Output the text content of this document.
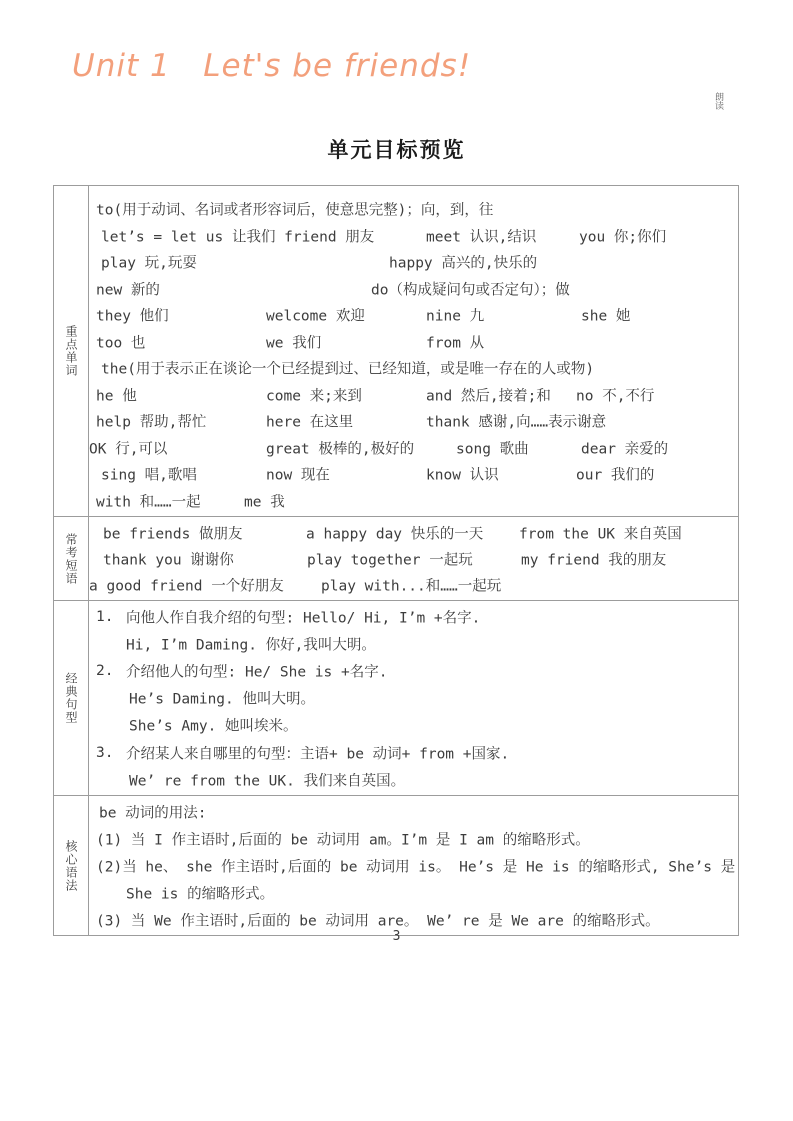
Unit 1   Let's be friends!
朗读
单元目标预览
重点单词
to(用于动词、名词或者形容词后，使意思完整)；向，到，往
let’s = let us 让我们 friend 朋友	meet 认识,结识	you 你;你们
play 玩,玩耍	happy 高兴的,快乐的
new 新的	do（构成疑问句或否定句）；做
they 他们	welcome 欢迎	nine 九	she 她
too 也	we 我们	from 从
the(用于表示正在谈论一个已经提到过、已经知道，或是唯一存在的人或物)
he 他	come 来;来到	and 然后,接着;和 no 不,不行
help 帮助,帮忙	here 在这里	thank 感谢,向……表示谢意
OK 行,可以	great 极棒的,极好的	song 歌曲	dear 亲爱的
sing 唱,歌唱	now 现在	know 认识	our 我们的
with 和……一起	me 我
常考短语	be friends 做朋友	a happy day 快乐的一天 from the UK 来自英国
thank you 谢谢你	play together 一起玩	my friend 我的朋友
a good friend 一个好朋友	play with...和……一起玩
经典句型
1. 向他人作自我介绍的句型: Hello/ Hi, I’m +名字.
Hi, I’m Daming. 你好,我叫大明。
2. 介绍他人的句型: He/ She is +名字.
He’s Daming. 他叫大明。
She’s Amy. 她叫埃米。
3. 介绍某人来自哪里的句型：主语+ be 动词+ from +国家.
We’ re from the UK. 我们来自英国。
核心语法
be 动词的用法:
(1) 当 I 作主语时,后面的 be 动词用 am。I’m 是 I am 的缩略形式。
(2)当 he、 she 作主语时,后面的 be 动词用 is。 He’s 是 He is 的缩略形式, She’s 是
She is 的缩略形式。
(3) 当 We 作主语时,后面的 be 动词用 are。 We’ re 是 We are 的缩略形式。
3
